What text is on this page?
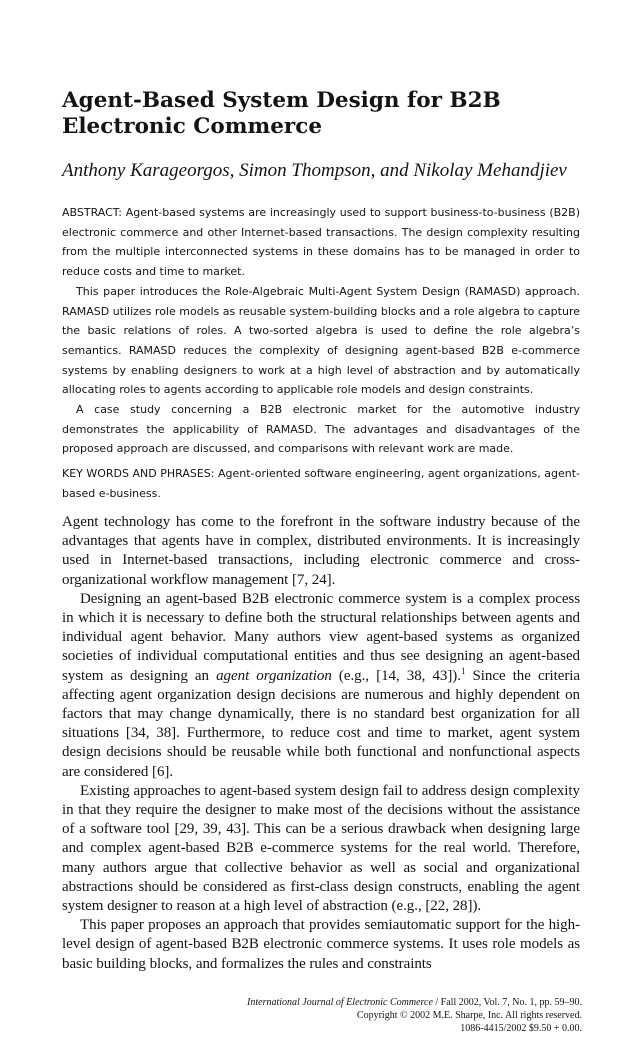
Agent-Based System Design for B2B Electronic Commerce

Anthony Karageorgos, Simon Thompson, and Nikolay Mehandjiev

ABSTRACT: Agent-based systems are increasingly used to support business-to-business (B2B) electronic commerce and other Internet-based transactions. The design complexity resulting from the multiple interconnected systems in these domains has to be managed in order to reduce costs and time to market.

This paper introduces the Role-Algebraic Multi-Agent System Design (RAMASD) approach. RAMASD utilizes role models as reusable system-building blocks and a role algebra to capture the basic relations of roles. A two-sorted algebra is used to define the role algebra’s semantics. RAMASD reduces the complexity of designing agent-based B2B e-commerce systems by enabling designers to work at a high level of abstraction and by automatically allocating roles to agents according to applicable role models and design constraints.

A case study concerning a B2B electronic market for the automotive industry demonstrates the applicability of RAMASD. The advantages and disadvantages of the proposed approach are discussed, and comparisons with relevant work are made.

KEY WORDS AND PHRASES: Agent-oriented software engineering, agent organizations, agent-based e-business.

Agent technology has come to the forefront in the software industry because of the advantages that agents have in complex, distributed environments. It is increasingly used in Internet-based transactions, including electronic commerce and cross-organizational workflow management [7, 24].

Designing an agent-based B2B electronic commerce system is a complex process in which it is necessary to define both the structural relationships between agents and individual agent behavior. Many authors view agent-based systems as organized societies of individual computational entities and thus see designing an agent-based system as designing an agent organization (e.g., [14, 38, 43]).$^1$ Since the criteria affecting agent organization design decisions are numerous and highly dependent on factors that may change dynamically, there is no standard best organization for all situations [34, 38]. Furthermore, to reduce cost and time to market, agent system design decisions should be reusable while both functional and nonfunctional aspects are considered [6].

Existing approaches to agent-based system design fail to address design complexity in that they require the designer to make most of the decisions without the assistance of a software tool [29, 39, 43]. This can be a serious drawback when designing large and complex agent-based B2B e-commerce systems for the real world. Therefore, many authors argue that collective behavior as well as social and organizational abstractions should be considered as first-class design constructs, enabling the agent system designer to reason at a high level of abstraction (e.g., [22, 28]).

This paper proposes an approach that provides semiautomatic support for the high-level design of agent-based B2B electronic commerce systems. It uses role models as basic building blocks, and formalizes the rules and constraints

International Journal of Electronic Commerce / Fall 2002, Vol. 7, No. 1, pp. 59–90.
Copyright © 2002 M.E. Sharpe, Inc. All rights reserved.
1086-4415/2002 $9.50 + 0.00.
